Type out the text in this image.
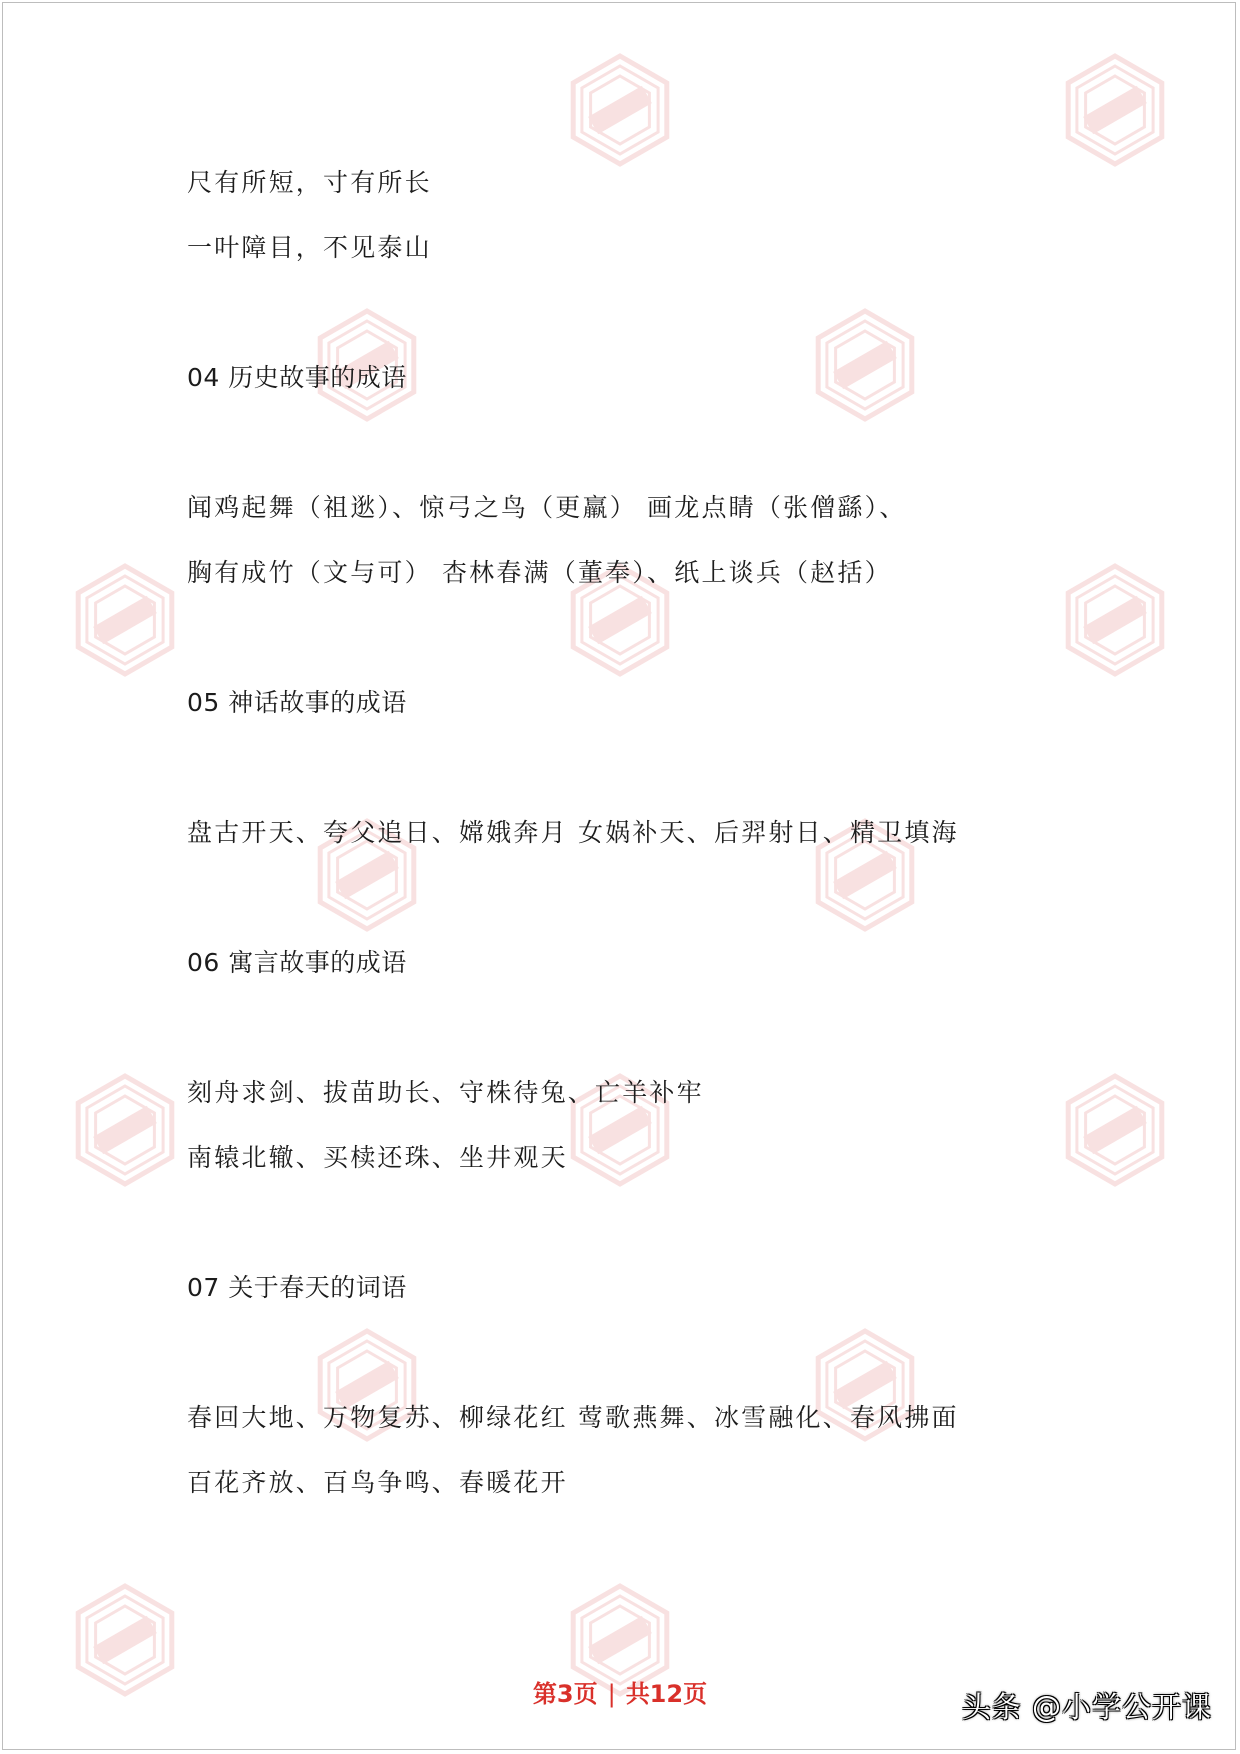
尺有所短，寸有所长

一叶障目，不见泰山

04 历史故事的成语

闻鸡起舞（祖逖）、惊弓之鸟（更羸） 画龙点睛（张僧繇）、

胸有成竹（文与可） 杏林春满（董奉）、纸上谈兵（赵括）

05 神话故事的成语

盘古开天、夸父追日、嫦娥奔月 女娲补天、后羿射日、精卫填海

06 寓言故事的成语

刻舟求剑、拔苗助长、守株待兔、亡羊补牢

南辕北辙、买椟还珠、坐井观天

07 关于春天的词语

春回大地、万物复苏、柳绿花红 莺歌燕舞、冰雪融化、春风拂面

百花齐放、百鸟争鸣、春暖花开

第3页 | 共12页	头条 @小学公开课
